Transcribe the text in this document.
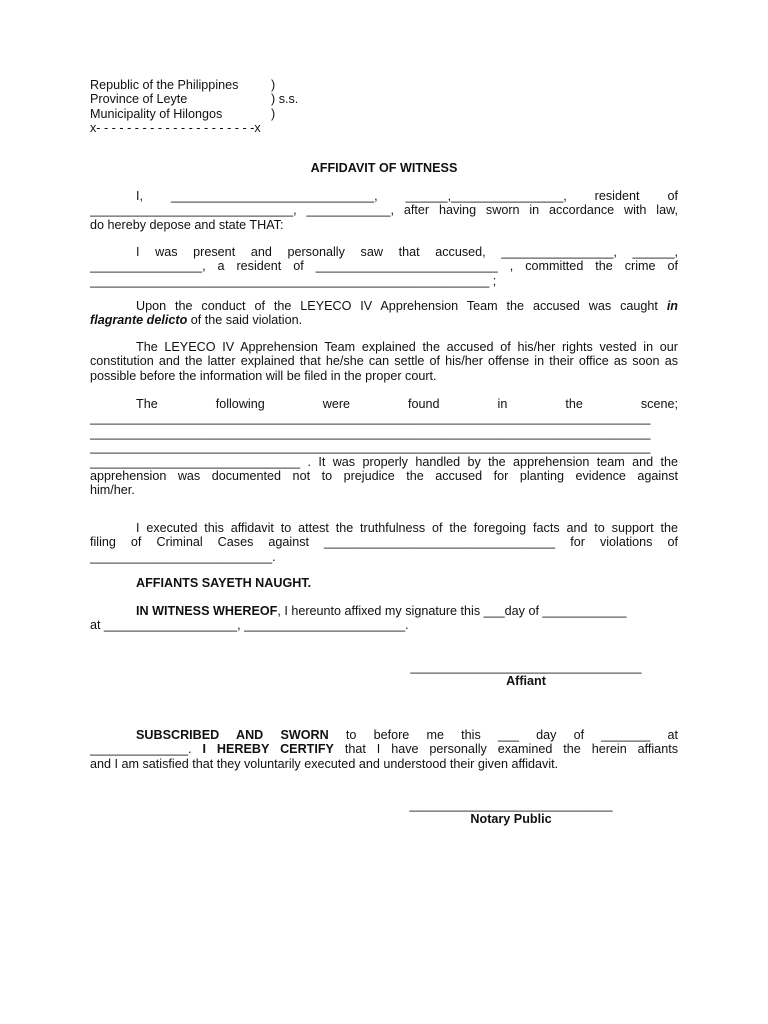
Republic of the Philippines	)
Province of Leyte	) s.s.
Municipality of Hilongos	)
x- - - - - - - - - - - - - - - - - - - - -x
AFFIDAVIT OF WITNESS
I, _____________________________, ______,________________, resident of
_____________________________, ____________, after having sworn in accordance with law,
do hereby depose and state THAT:
I was present and personally saw that accused, ________________, ______,
________________, a resident of __________________________ , committed the crime of
_________________________________________________________ ;
Upon the conduct of the LEYECO IV Apprehension Team the accused was caught in
flagrante delicto of the said violation.
The LEYECO IV Apprehension Team explained the accused of his/her rights vested in our constitution and the latter explained that he/she can settle of his/her offense in their office as soon as possible before the information will be filed in the proper court.
The following were found in the scene;
________________________________________________________________________________
________________________________________________________________________________
________________________________________________________________________________
______________________________ . It was properly handled by the apprehension team and the
apprehension was documented not to prejudice the accused for planting evidence against
him/her.
I executed this affidavit to attest the truthfulness of the foregoing facts and to support the
filing of Criminal Cases against _________________________________ for violations of
__________________________.
AFFIANTS SAYETH NAUGHT.
IN WITNESS WHEREOF, I hereunto affixed my signature this ___day of ____________
at ___________________, _______________________.
_________________________________
Affiant
SUBSCRIBED AND SWORN to before me this ___ day of _______ at
______________. I HEREBY CERTIFY that I have personally examined the herein affiants
and I am satisfied that they voluntarily executed and understood their given affidavit.
_____________________________
Notary Public
